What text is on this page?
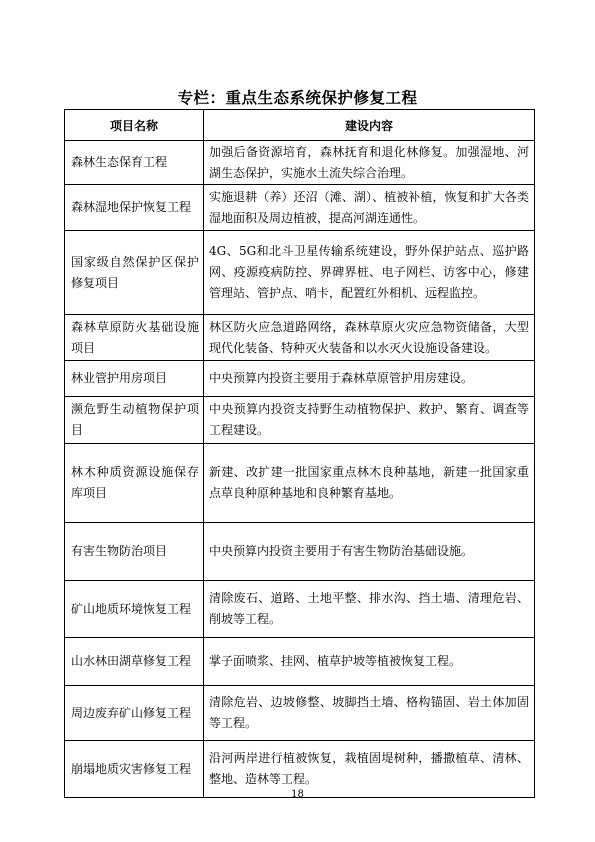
专栏：重点生态系统保护修复工程
项目名称	建设内容
森林生态保育工程	加强后备资源培育，森林抚育和退化林修复。加强湿地、河湖生态保护，实施水土流失综合治理。
森林湿地保护恢复工程	实施退耕（养）还沼（滩、湖）、植被补植，恢复和扩大各类湿地面积及周边植被，提高河湖连通性。
国家级自然保护区保护修复项目	4G、5G和北斗卫星传输系统建设，野外保护站点、巡护路网、疫源疫病防控、界碑界桩、电子网栏、访客中心，修建管理站、管护点、哨卡，配置红外相机、远程监控。
森林草原防火基础设施项目	林区防火应急道路网络，森林草原火灾应急物资储备，大型现代化装备、特种灭火装备和以水灭火设施设备建设。
林业管护用房项目	中央预算内投资主要用于森林草原管护用房建设。
濒危野生动植物保护项目	中央预算内投资支持野生动植物保护、救护、繁育、调查等工程建设。
林木种质资源设施保存库项目	新建、改扩建一批国家重点林木良种基地，新建一批国家重点草良种原种基地和良种繁育基地。
有害生物防治项目	中央预算内投资主要用于有害生物防治基础设施。
矿山地质环境恢复工程	清除废石、道路、土地平整、排水沟、挡土墙、清理危岩、削坡等工程。
山水林田湖草修复工程	掌子面喷浆、挂网、植草护坡等植被恢复工程。
周边废弃矿山修复工程	清除危岩、边坡修整、坡脚挡土墙、格构锚固、岩土体加固等工程。
崩塌地质灾害修复工程	沿河两岸进行植被恢复，栽植固堤树种，播撒植草、清林、整地、造林等工程。
18
